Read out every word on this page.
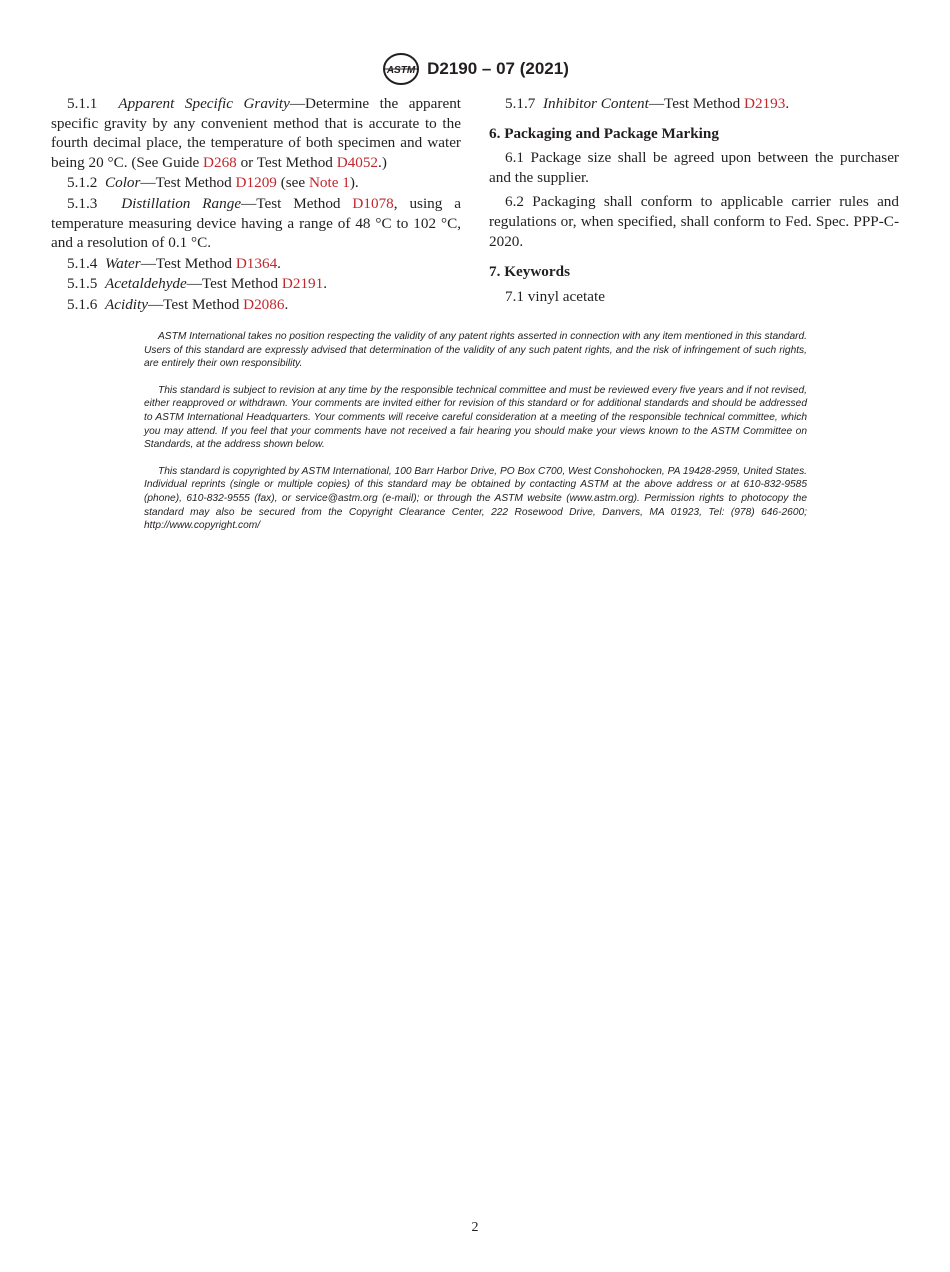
ASTM D2190 – 07 (2021)

5.1.1 Apparent Specific Gravity—Determine the apparent specific gravity by any convenient method that is accurate to the fourth decimal place, the temperature of both specimen and water being 20 °C. (See Guide D268 or Test Method D4052.)

5.1.2 Color—Test Method D1209 (see Note 1).

5.1.3 Distillation Range—Test Method D1078, using a temperature measuring device having a range of 48 °C to 102 °C, and a resolution of 0.1 °C.

5.1.4 Water—Test Method D1364.

5.1.5 Acetaldehyde—Test Method D2191.

5.1.6 Acidity—Test Method D2086.

5.1.7 Inhibitor Content—Test Method D2193.

6. Packaging and Package Marking

6.1 Package size shall be agreed upon between the purchaser and the supplier.

6.2 Packaging shall conform to applicable carrier rules and regulations or, when specified, shall conform to Fed. Spec. PPP-C-2020.

7. Keywords

7.1 vinyl acetate

ASTM International takes no position respecting the validity of any patent rights asserted in connection with any item mentioned in this standard. Users of this standard are expressly advised that determination of the validity of any such patent rights, and the risk of infringement of such rights, are entirely their own responsibility.

This standard is subject to revision at any time by the responsible technical committee and must be reviewed every five years and if not revised, either reapproved or withdrawn. Your comments are invited either for revision of this standard or for additional standards and should be addressed to ASTM International Headquarters. Your comments will receive careful consideration at a meeting of the responsible technical committee, which you may attend. If you feel that your comments have not received a fair hearing you should make your views known to the ASTM Committee on Standards, at the address shown below.

This standard is copyrighted by ASTM International, 100 Barr Harbor Drive, PO Box C700, West Conshohocken, PA 19428-2959, United States. Individual reprints (single or multiple copies) of this standard may be obtained by contacting ASTM at the above address or at 610-832-9585 (phone), 610-832-9555 (fax), or service@astm.org (e-mail); or through the ASTM website (www.astm.org). Permission rights to photocopy the standard may also be secured from the Copyright Clearance Center, 222 Rosewood Drive, Danvers, MA 01923, Tel: (978) 646-2600; http://www.copyright.com/

2
